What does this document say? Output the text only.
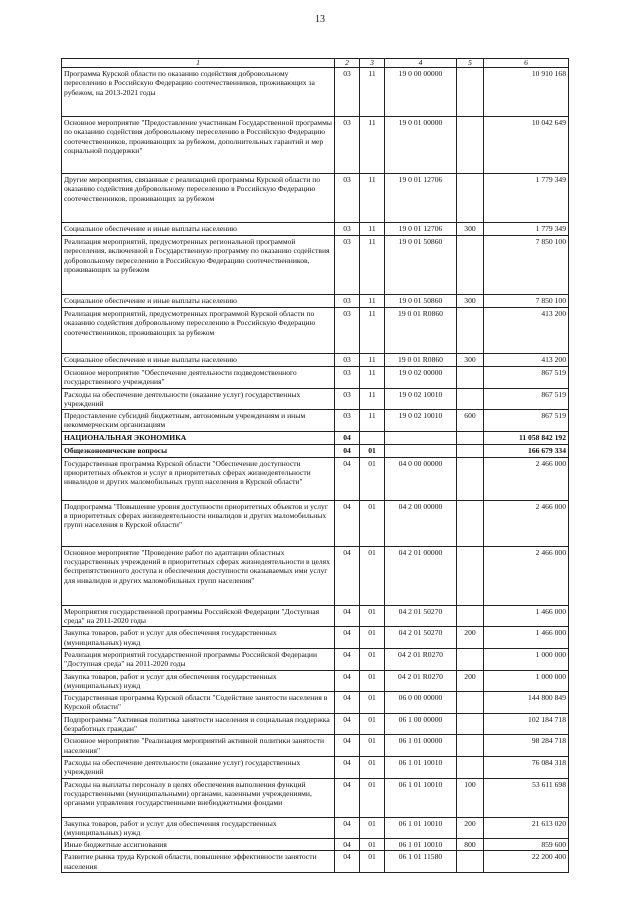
13
1	2	3	4	5	6
Программа Курской области по оказанию содействия добровольному переселению в Российскую Федерацию соотечественников, проживающих за рубежом, на 2013-2021 годы	03	11	19 0 00 00000		10 910 168
Основное мероприятие "Предоставление участникам Государственной программы по оказанию содействия добровольному переселению в Российскую Федерацию соотечественников, проживающих за рубежом, дополнительных гарантий и мер социальной поддержки"	03	11	19 0 01 00000		10 042 649
Другие мероприятия, связанные с реализацией программы Курской области по оказанию содействия добровольному переселению в Российскую Федерацию соотечественников, проживающих за рубежом	03	11	19 0 01 12706		1 779 349
Социальное обеспечение и иные выплаты населению	03	11	19 0 01 12706	300	1 779 349
Реализация мероприятий, предусмотренных региональной программой переселения, включенной в Государственную программу по оказанию содействия добровольному переселению в Российскую Федерацию соотечественников, проживающих за рубежом	03	11	19 0 01 50860		7 850 100
Социальное обеспечение и иные выплаты населению	03	11	19 0 01 50860	300	7 850 100
Реализация мероприятий, предусмотренных программой Курской области по оказанию содействия добровольному переселению в Российскую Федерацию соотечественников, проживающих за рубежом	03	11	19 0 01 R0860		413 200
Социальное обеспечение и иные выплаты населению	03	11	19 0 01 R0860	300	413 200
Основное мероприятие "Обеспечение деятельности подведомственного государственного учреждения"	03	11	19 0 02 00000		867 519
Расходы на обеспечение деятельности (оказание услуг) государственных учреждений	03	11	19 0 02 10010		867 519
Предоставление субсидий бюджетным, автономным учреждениям и иным некоммерческим организациям	03	11	19 0 02 10010	600	867 519
НАЦИОНАЛЬНАЯ ЭКОНОМИКА	04				11 058 842 192
Общеэкономические вопросы	04	01			166 679 334
Государственная программа Курской области "Обеспечение доступности приоритетных объектов и услуг в приоритетных сферах жизнедеятельности инвалидов и других маломобильных групп населения в Курской области"	04	01	04 0 00 00000		2 466 000
Подпрограмма "Повышение уровня доступности приоритетных объектов и услуг в приоритетных сферах жизнедеятельности инвалидов и других маломобильных групп населения в Курской области"	04	01	04 2 00 00000		2 466 000
Основное мероприятие "Проведение работ по адаптации областных государственных учреждений в приоритетных сферах жизнедеятельности в целях беспрепятственного доступа и обеспечения доступности оказываемых ими услуг для инвалидов и других маломобильных групп населения"	04	01	04 2 01 00000		2 466 000
Мероприятия государственной программы Российской Федерации "Доступная среда" на 2011-2020 годы	04	01	04 2 01 50270		1 466 000
Закупка товаров, работ и услуг для обеспечения государственных (муниципальных) нужд	04	01	04 2 01 50270	200	1 466 000
Реализация мероприятий государственной программы Российской Федерации "Доступная среда" на 2011-2020 годы	04	01	04 2 01 R0270		1 000 000
Закупка товаров, работ и услуг для обеспечения государственных (муниципальных) нужд	04	01	04 2 01 R0270	200	1 000 000
Государственная программа Курской области "Содействие занятости населения в Курской области"	04	01	06 0 00 00000		144 800 849
Подпрограмма "Активная политика занятости населения и социальная поддержка безработных граждан"	04	01	06 1 00 00000		102 184 718
Основное мероприятие "Реализация мероприятий активной политики занятости населения"	04	01	06 1 01 00000		98 284 718
Расходы на обеспечение деятельности (оказание услуг) государственных учреждений	04	01	06 1 01 10010		76 084 318
Расходы на выплаты персоналу в целях обеспечения выполнения функций государственными (муниципальными) органами, казенными учреждениями, органами управления государственными внебюджетными фондами	04	01	06 1 01 10010	100	53 611 698
Закупка товаров, работ и услуг для обеспечения государственных (муниципальных) нужд	04	01	06 1 01 10010	200	21 613 020
Иные бюджетные ассигнования	04	01	06 1 01 10010	800	859 600
Развитие рынка труда Курской области, повышение эффективности занятости населения	04	01	06 1 01 11580		22 200 400
